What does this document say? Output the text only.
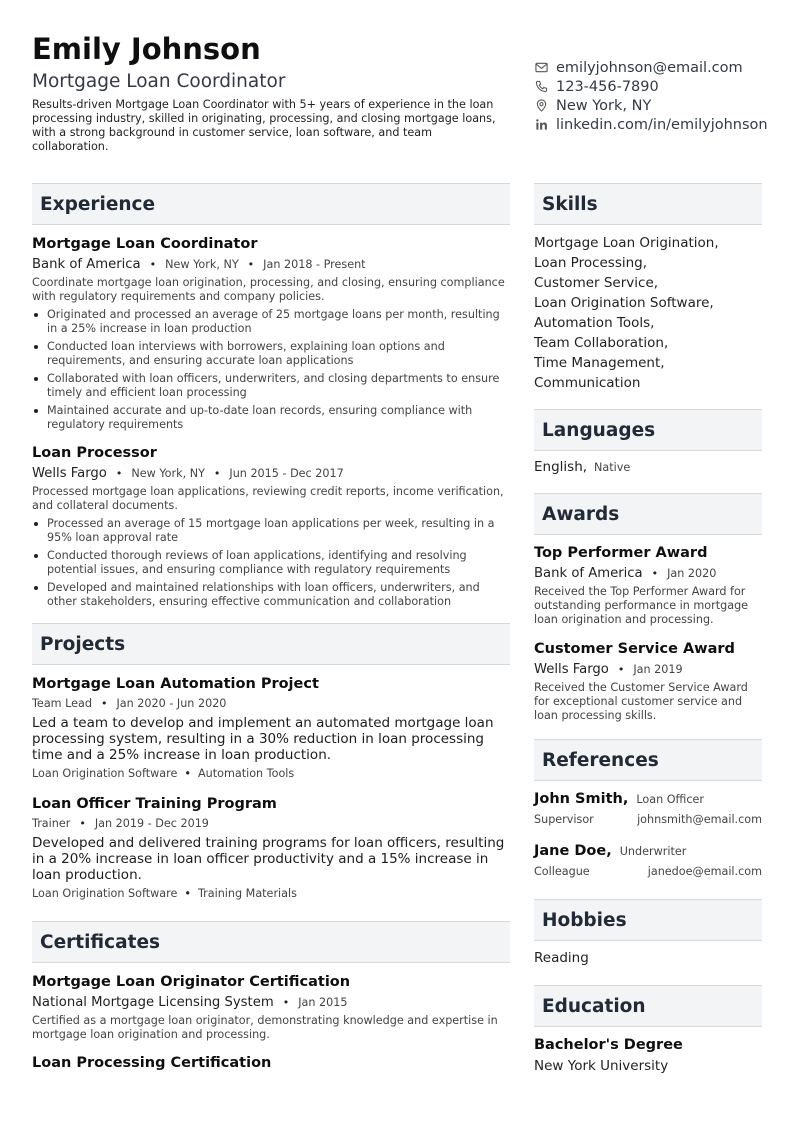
Emily Johnson
Mortgage Loan Coordinator
Results-driven Mortgage Loan Coordinator with 5+ years of experience in the loan processing industry, skilled in originating, processing, and closing mortgage loans, with a strong background in customer service, loan software, and team collaboration.
emilyjohnson@email.com
123-456-7890
New York, NY
linkedin.com/in/emilyjohnson
Experience
Mortgage Loan Coordinator
Bank of America • New York, NY • Jan 2018 - Present
Coordinate mortgage loan origination, processing, and closing, ensuring compliance with regulatory requirements and company policies.
Originated and processed an average of 25 mortgage loans per month, resulting in a 25% increase in loan production
Conducted loan interviews with borrowers, explaining loan options and requirements, and ensuring accurate loan applications
Collaborated with loan officers, underwriters, and closing departments to ensure timely and efficient loan processing
Maintained accurate and up-to-date loan records, ensuring compliance with regulatory requirements
Loan Processor
Wells Fargo • New York, NY • Jun 2015 - Dec 2017
Processed mortgage loan applications, reviewing credit reports, income verification, and collateral documents.
Processed an average of 15 mortgage loan applications per week, resulting in a 95% loan approval rate
Conducted thorough reviews of loan applications, identifying and resolving potential issues, and ensuring compliance with regulatory requirements
Developed and maintained relationships with loan officers, underwriters, and other stakeholders, ensuring effective communication and collaboration
Projects
Mortgage Loan Automation Project
Team Lead • Jan 2020 - Jun 2020
Led a team to develop and implement an automated mortgage loan processing system, resulting in a 30% reduction in loan processing time and a 25% increase in loan production.
Loan Origination Software • Automation Tools
Loan Officer Training Program
Trainer • Jan 2019 - Dec 2019
Developed and delivered training programs for loan officers, resulting in a 20% increase in loan officer productivity and a 15% increase in loan production.
Loan Origination Software • Training Materials
Certificates
Mortgage Loan Originator Certification
National Mortgage Licensing System • Jan 2015
Certified as a mortgage loan originator, demonstrating knowledge and expertise in mortgage loan origination and processing.
Loan Processing Certification
Skills
Mortgage Loan Origination,
Loan Processing,
Customer Service,
Loan Origination Software,
Automation Tools,
Team Collaboration,
Time Management,
Communication
Languages
English, Native
Awards
Top Performer Award
Bank of America • Jan 2020
Received the Top Performer Award for outstanding performance in mortgage loan origination and processing.
Customer Service Award
Wells Fargo • Jan 2019
Received the Customer Service Award for exceptional customer service and loan processing skills.
References
John Smith, Loan Officer
Supervisor	johnsmith@email.com
Jane Doe, Underwriter
Colleague	janedoe@email.com
Hobbies
Reading
Education
Bachelor's Degree
New York University
